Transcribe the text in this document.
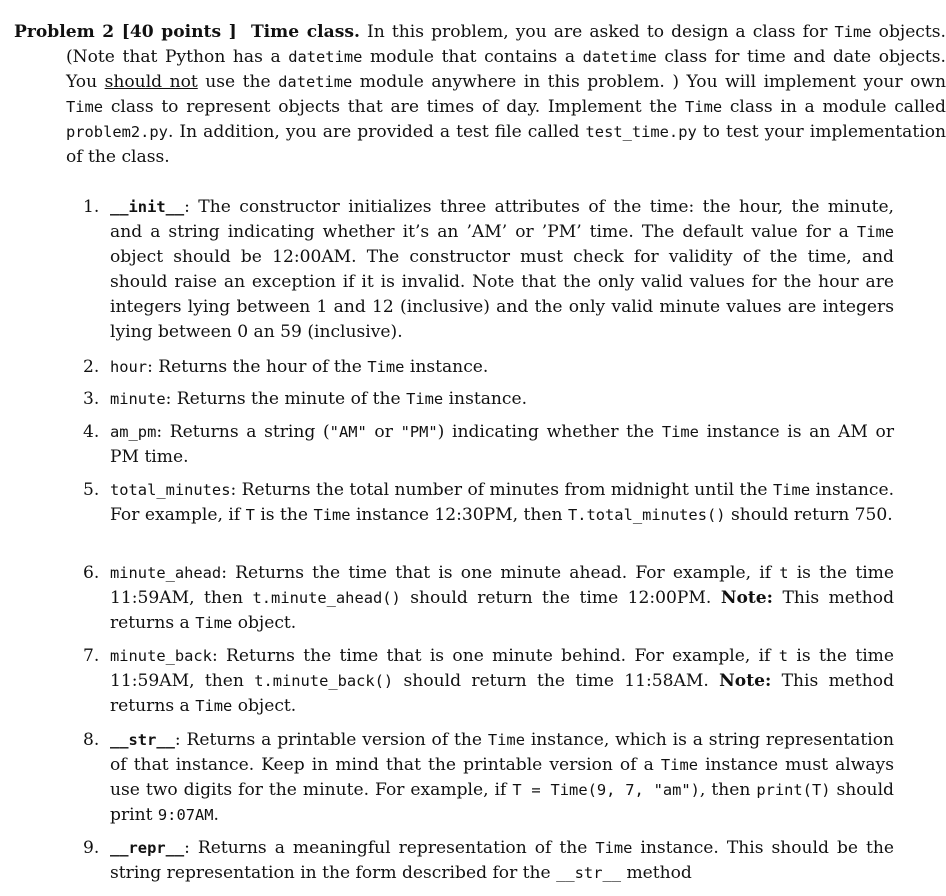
Problem 2 [40 points ] Time class. In this problem, you are asked to design a class for Time objects. (Note that Python has a datetime module that contains a datetime class for time and date objects. You should not use the datetime module anywhere in this problem. ) You will implement your own Time class to represent objects that are times of day. Implement the Time class in a module called problem2.py. In addition, you are provided a test file called test_time.py to test your implementation of the class.

1. __init__: The constructor initializes three attributes of the time: the hour, the minute, and a string indicating whether it’s an ’AM’ or ’PM’ time. The default value for a Time object should be 12:00AM. The constructor must check for validity of the time, and should raise an exception if it is invalid. Note that the only valid values for the hour are integers lying between 1 and 12 (inclusive) and the only valid minute values are integers lying between 0 an 59 (inclusive).
2. hour: Returns the hour of the Time instance.
3. minute: Returns the minute of the Time instance.
4. am_pm: Returns a string ("AM" or "PM") indicating whether the Time instance is an AM or PM time.
5. total_minutes: Returns the total number of minutes from midnight until the Time instance. For example, if T is the Time instance 12:30PM, then T.total_minutes() should return 750.
6. minute_ahead: Returns the time that is one minute ahead. For example, if t is the time 11:59AM, then t.minute_ahead() should return the time 12:00PM. Note: This method returns a Time object.
7. minute_back: Returns the time that is one minute behind. For example, if t is the time 11:59AM, then t.minute_back() should return the time 11:58AM. Note: This method returns a Time object.
8. __str__: Returns a printable version of the Time instance, which is a string representation of that instance. Keep in mind that the printable version of a Time instance must always use two digits for the minute. For example, if T = Time(9, 7, "am"), then print(T) should print 9:07AM.
9. __repr__: Returns a meaningful representation of the Time instance. This should be the string representation in the form described for the __str__ method
